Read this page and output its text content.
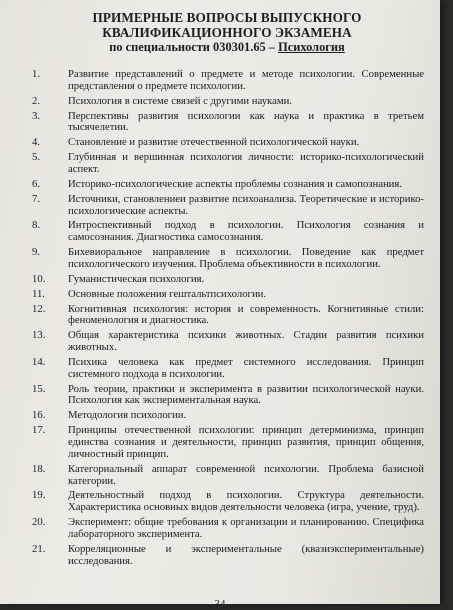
ПРИМЕРНЫЕ ВОПРОСЫ ВЫПУСКНОГО
КВАЛИФИКАЦИОННОГО ЭКЗАМЕНА
по специальности 030301.65 – Психология
1.	Развитие представлений о предмете и методе психологии. Современные представления о предмете психологии.
2.	Психология в системе связей с другими науками.
3.	Перспективы развития психологии как наука и практика в третьем тысячелетии.
4.	Становление и развитие отечественной психологической науки.
5.	Глубинная и вершинная психология личности: историко-психологический аспект.
6.	Историко-психологические аспекты проблемы сознания и самопознания.
7.	Источники, становлениеи развитие психоанализа. Теоретические и историко-психологические аспекты.
8.	Интроспективный подход в психологии. Психология сознания и самосознания. Диагностика самосознания.
9.	Бихевиоральное направление в психологии. Поведение как предмет психологического изучения. Проблема объективности в психологии.
10.	Гуманистическая психология.
11.	Основные положения гештальтпсихологии.
12.	Когнитивная психология: история и современность. Когнитивные стили: феноменология и диагностика.
13.	Общая характеристика психики животных. Стадии развития психики животных.
14.	Психика человека как предмет системного исследования. Принцип системного подхода в психологии.
15.	Роль теории, практики и эксперимента в развитии психологической науки. Психология как экспериментальная наука.
16.	Методология психологии.
17.	Принципы отечественной психологии: принцип детерминизма, принцип единства сознания и деятельности, принцип развития, принцип общения, личностный принцип.
18.	Категориальный аппарат современной психологии. Проблема базисной категории.
19.	Деятельностный подход в психологии. Структура деятельности. Характеристика основных видов деятельности человека (игра, учение, труд).
20.	Эксперимент: общие требования к организации и планированию. Специфика лабораторного эксперимента.
21.	Корреляционные и экспериментальные (квазиэкспериментальные) исследования.
34
